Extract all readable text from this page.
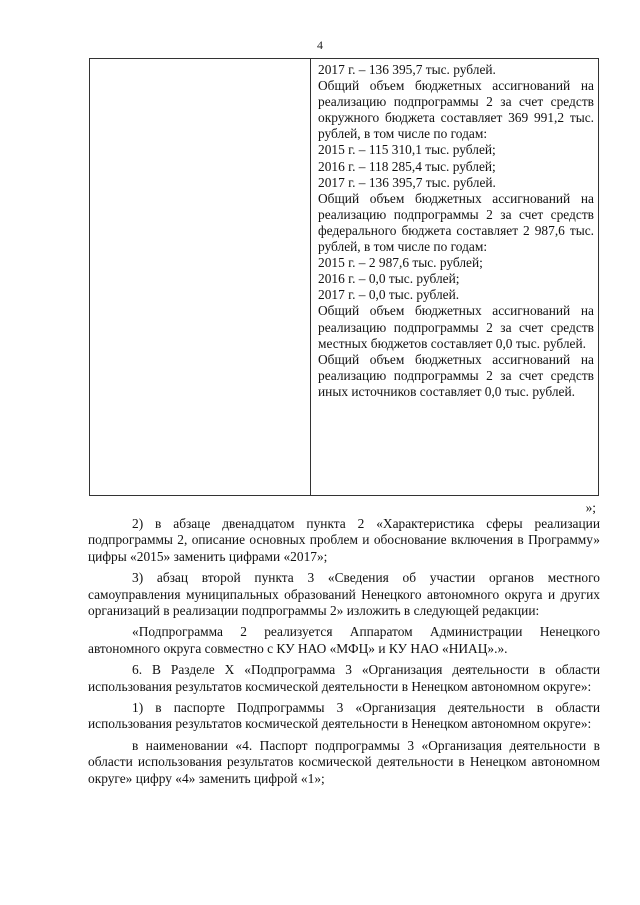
4
2017 г. – 136 395,7 тыс. рублей.
Общий объем бюджетных ассигнований на реализацию подпрограммы 2 за счет средств окружного бюджета составляет 369 991,2 тыс. рублей, в том числе по годам:
2015 г. – 115 310,1 тыс. рублей;
2016 г. – 118 285,4 тыс. рублей;
2017 г. – 136 395,7 тыс. рублей.
Общий объем бюджетных ассигнований на реализацию подпрограммы 2 за счет средств федерального бюджета составляет 2 987,6 тыс. рублей, в том числе по годам:
2015 г. – 2 987,6 тыс. рублей;
2016 г. – 0,0 тыс. рублей;
2017 г. – 0,0 тыс. рублей.
Общий объем бюджетных ассигнований на реализацию подпрограммы 2 за счет средств местных бюджетов составляет 0,0 тыс. рублей.
Общий объем бюджетных ассигнований на реализацию подпрограммы 2 за счет средств иных источников составляет 0,0 тыс. рублей.
»;
2) в абзаце двенадцатом пункта 2 «Характеристика сферы реализации подпрограммы 2, описание основных проблем и обоснование включения в Программу» цифры «2015» заменить цифрами «2017»;
3) абзац второй пункта 3 «Сведения об участии органов местного самоуправления муниципальных образований Ненецкого автономного округа и других организаций в реализации подпрограммы 2» изложить в следующей редакции:
«Подпрограмма 2 реализуется Аппаратом Администрации Ненецкого автономного округа совместно с КУ НАО «МФЦ» и КУ НАО «НИАЦ».».
6. В Разделе X «Подпрограмма 3 «Организация деятельности в области использования результатов космической деятельности в Ненецком автономном округе»:
1) в паспорте Подпрограммы 3 «Организация деятельности в области использования результатов космической деятельности в Ненецком автономном округе»:
в наименовании «4. Паспорт подпрограммы 3 «Организация деятельности в области использования результатов космической деятельности в Ненецком автономном округе» цифру «4» заменить цифрой «1»;
